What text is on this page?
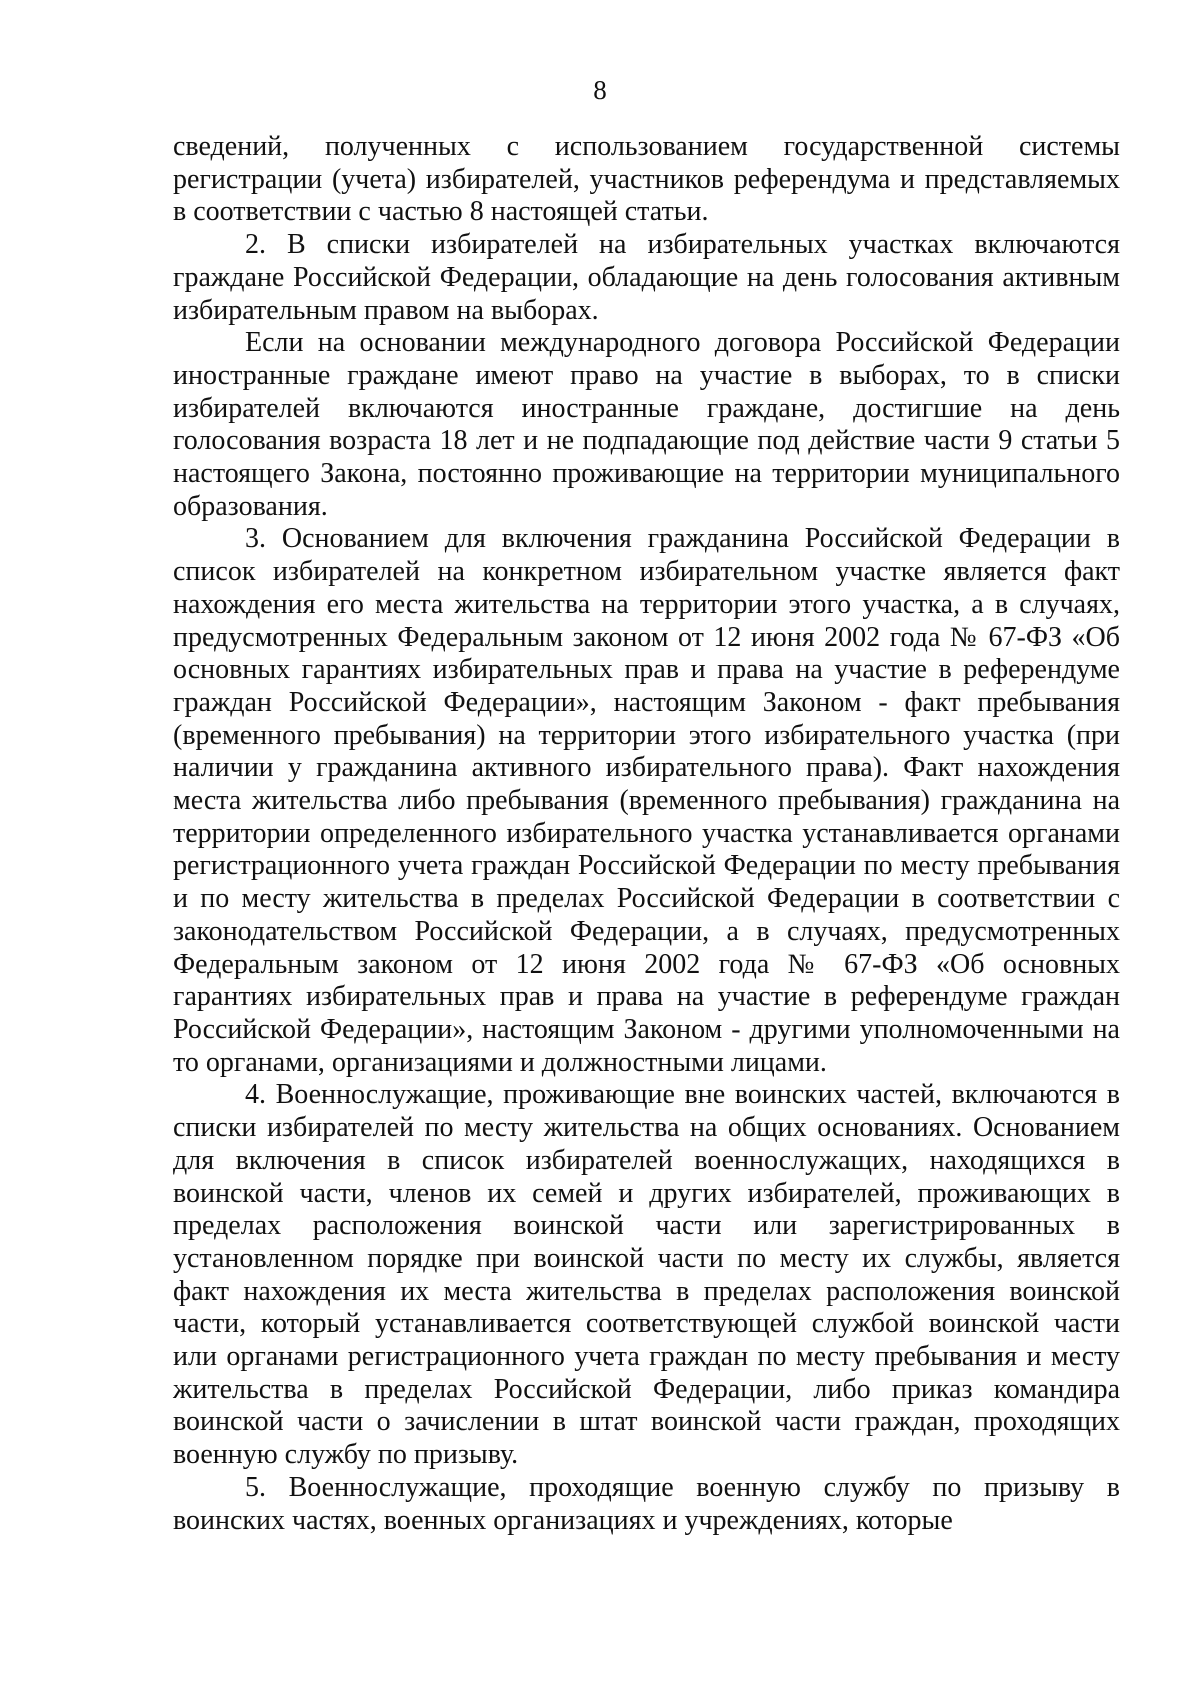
8

сведений, полученных с использованием государственной системы регистрации (учета) избирателей, участников референдума и представляемых в соответствии с частью 8 настоящей статьи.

2. В списки избирателей на избирательных участках включаются граждане Российской Федерации, обладающие на день голосования активным избирательным правом на выборах.

Если на основании международного договора Российской Федерации иностранные граждане имеют право на участие в выборах, то в списки избирателей включаются иностранные граждане, достигшие на день голосования возраста 18 лет и не подпадающие под действие части 9 статьи 5 настоящего Закона, постоянно проживающие на территории муниципального образования.

3. Основанием для включения гражданина Российской Федерации в список избирателей на конкретном избирательном участке является факт нахождения его места жительства на территории этого участка, а в случаях, предусмотренных Федеральным законом от 12 июня 2002 года № 67-ФЗ «Об основных гарантиях избирательных прав и права на участие в референдуме граждан Российской Федерации», настоящим Законом - факт пребывания (временного пребывания) на территории этого избирательного участка (при наличии у гражданина активного избирательного права). Факт нахождения места жительства либо пребывания (временного пребывания) гражданина на территории определенного избирательного участка устанавливается органами регистрационного учета граждан Российской Федерации по месту пребывания и по месту жительства в пределах Российской Федерации в соответствии с законодательством Российской Федерации, а в случаях, предусмотренных Федеральным законом от 12 июня 2002 года № 67-ФЗ «Об основных гарантиях избирательных прав и права на участие в референдуме граждан Российской Федерации», настоящим Законом - другими уполномоченными на то органами, организациями и должностными лицами.

4. Военнослужащие, проживающие вне воинских частей, включаются в списки избирателей по месту жительства на общих основаниях. Основанием для включения в список избирателей военнослужащих, находящихся в воинской части, членов их семей и других избирателей, проживающих в пределах расположения воинской части или зарегистрированных в установленном порядке при воинской части по месту их службы, является факт нахождения их места жительства в пределах расположения воинской части, который устанавливается соответствующей службой воинской части или органами регистрационного учета граждан по месту пребывания и месту жительства в пределах Российской Федерации, либо приказ командира воинской части о зачислении в штат воинской части граждан, проходящих военную службу по призыву.

5. Военнослужащие, проходящие военную службу по призыву в воинских частях, военных организациях и учреждениях, которые
